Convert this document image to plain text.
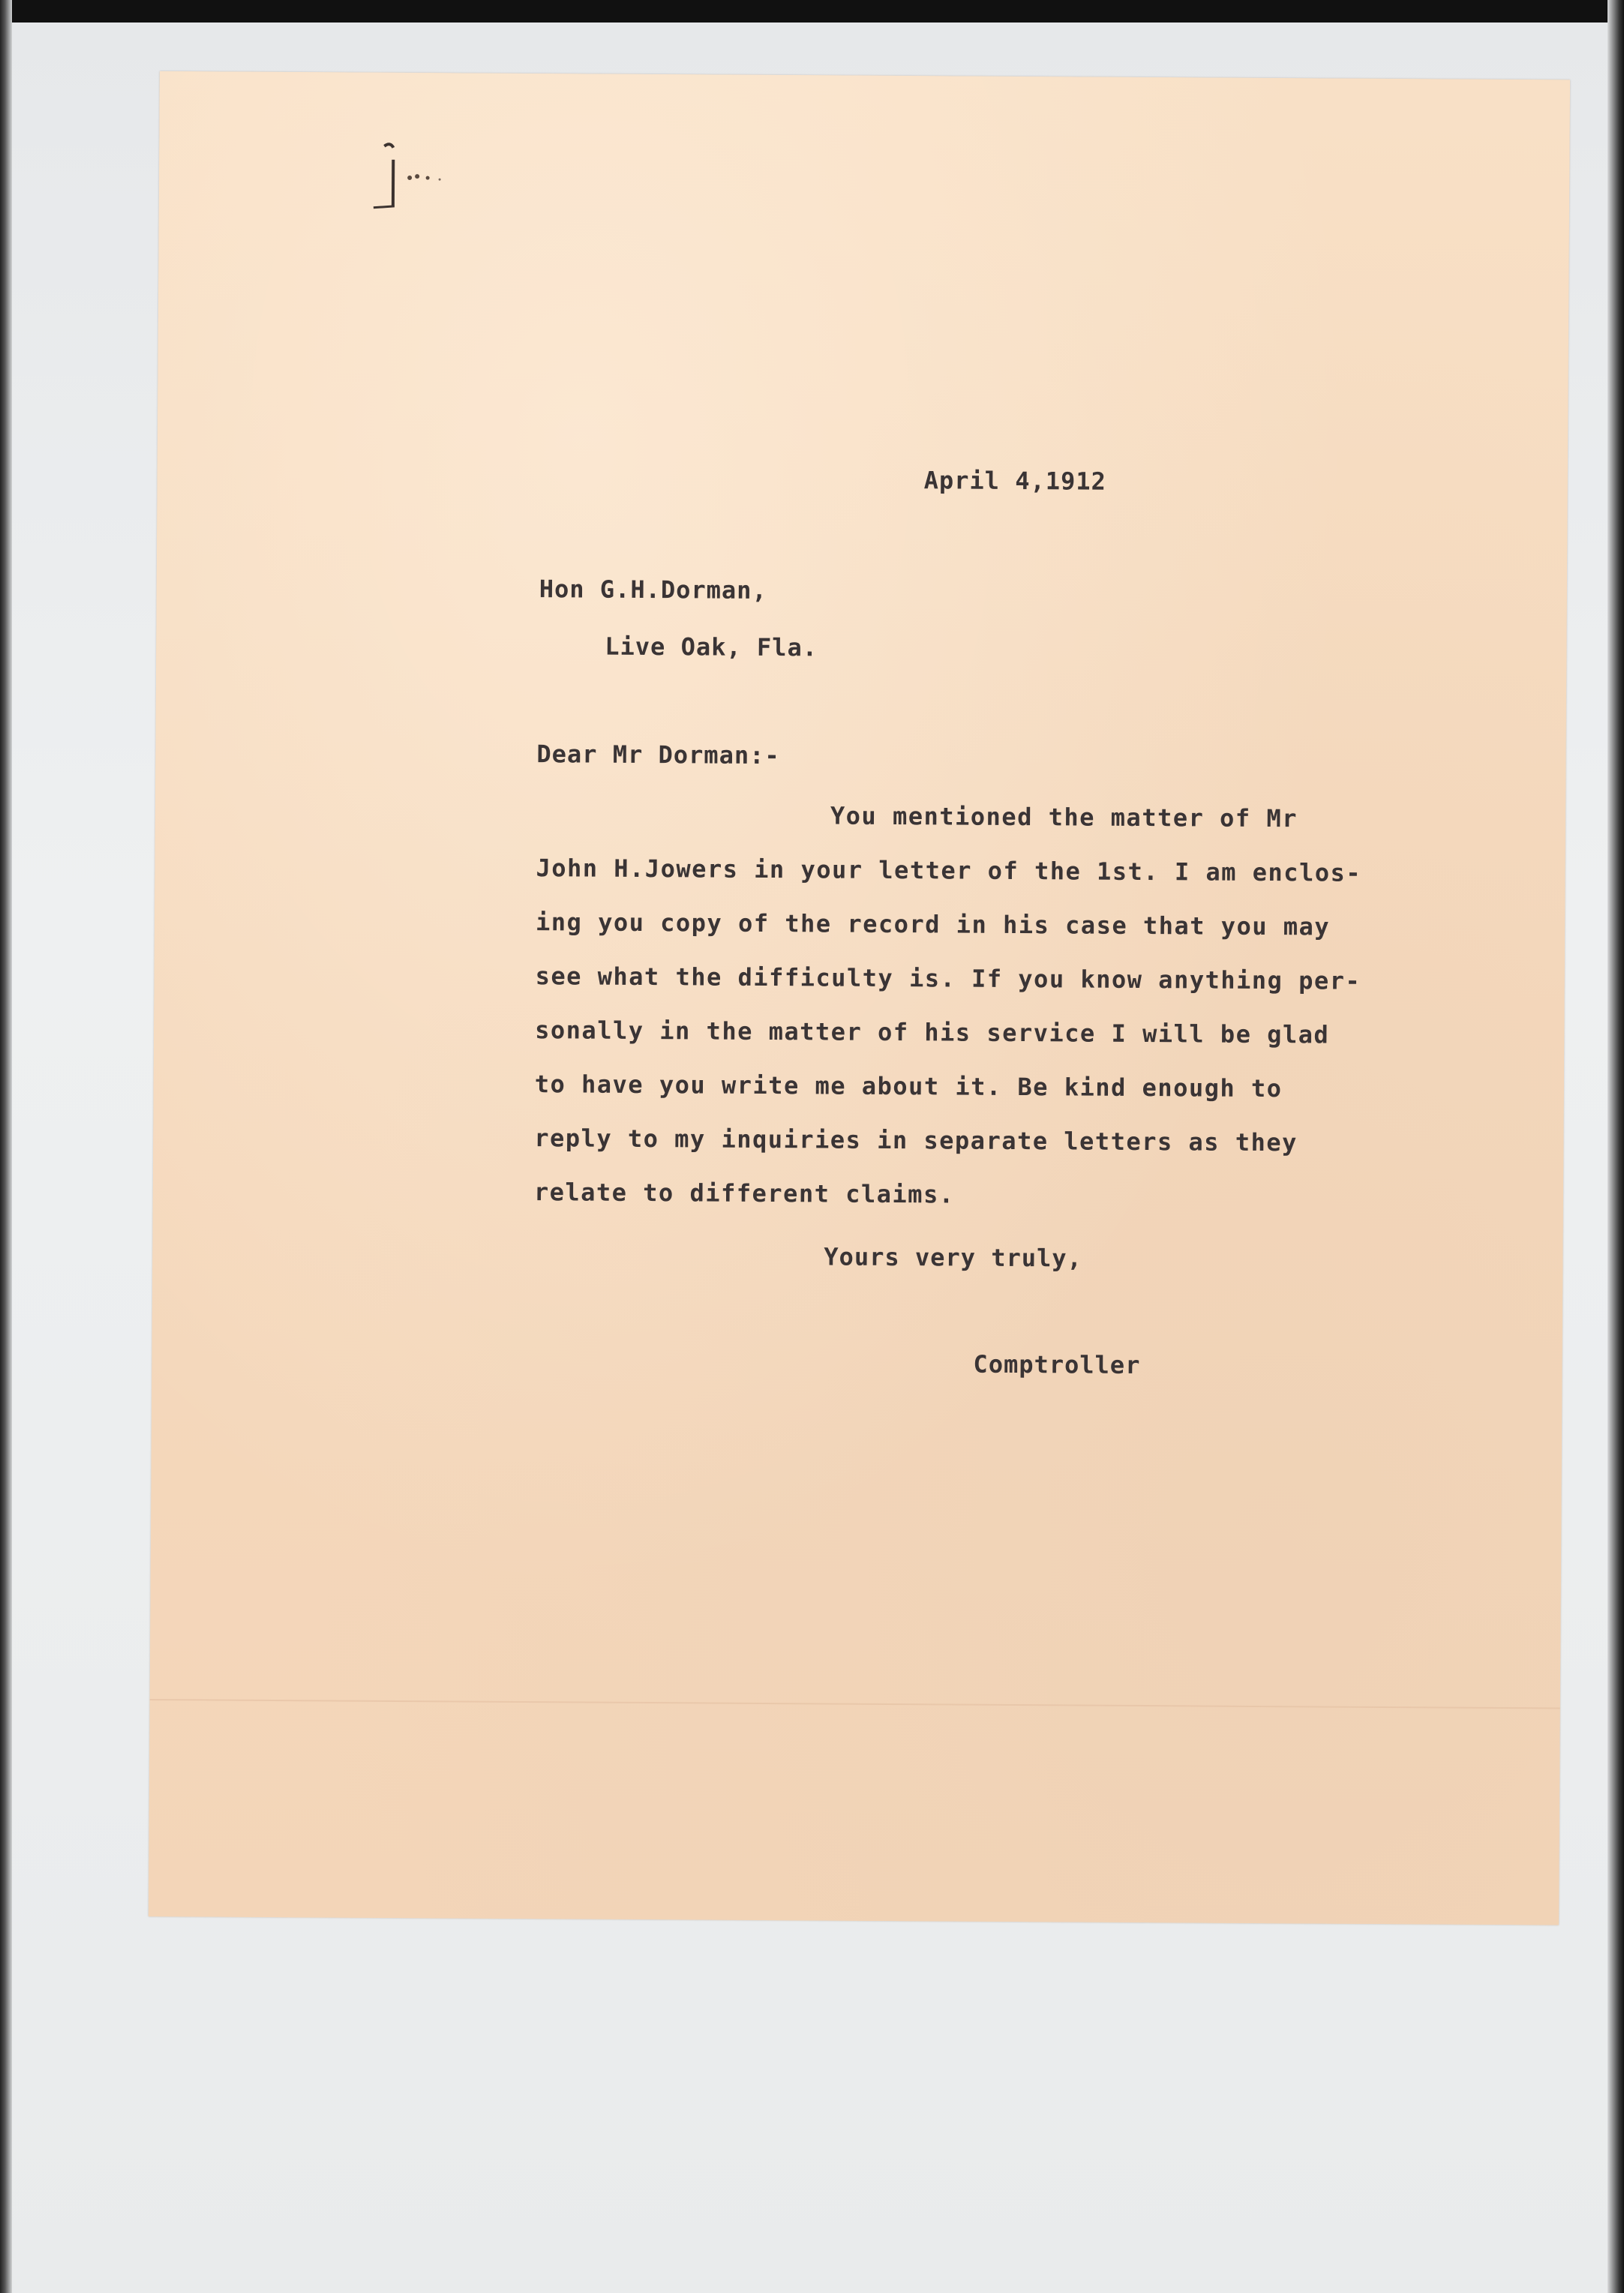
April 4,1912
Hon G.H.Dorman,
Live Oak, Fla.
Dear Mr Dorman:-
You mentioned the matter of Mr
John H.Jowers in your letter of the 1st. I am enclos-
ing you copy of the record in his case that you may
see what the difficulty is. If you know anything per-
sonally in the matter of his service I will be glad
to have you write me about it. Be kind enough to
reply to my inquiries in separate letters as they
relate to different claims.
Yours very truly,
Comptroller
